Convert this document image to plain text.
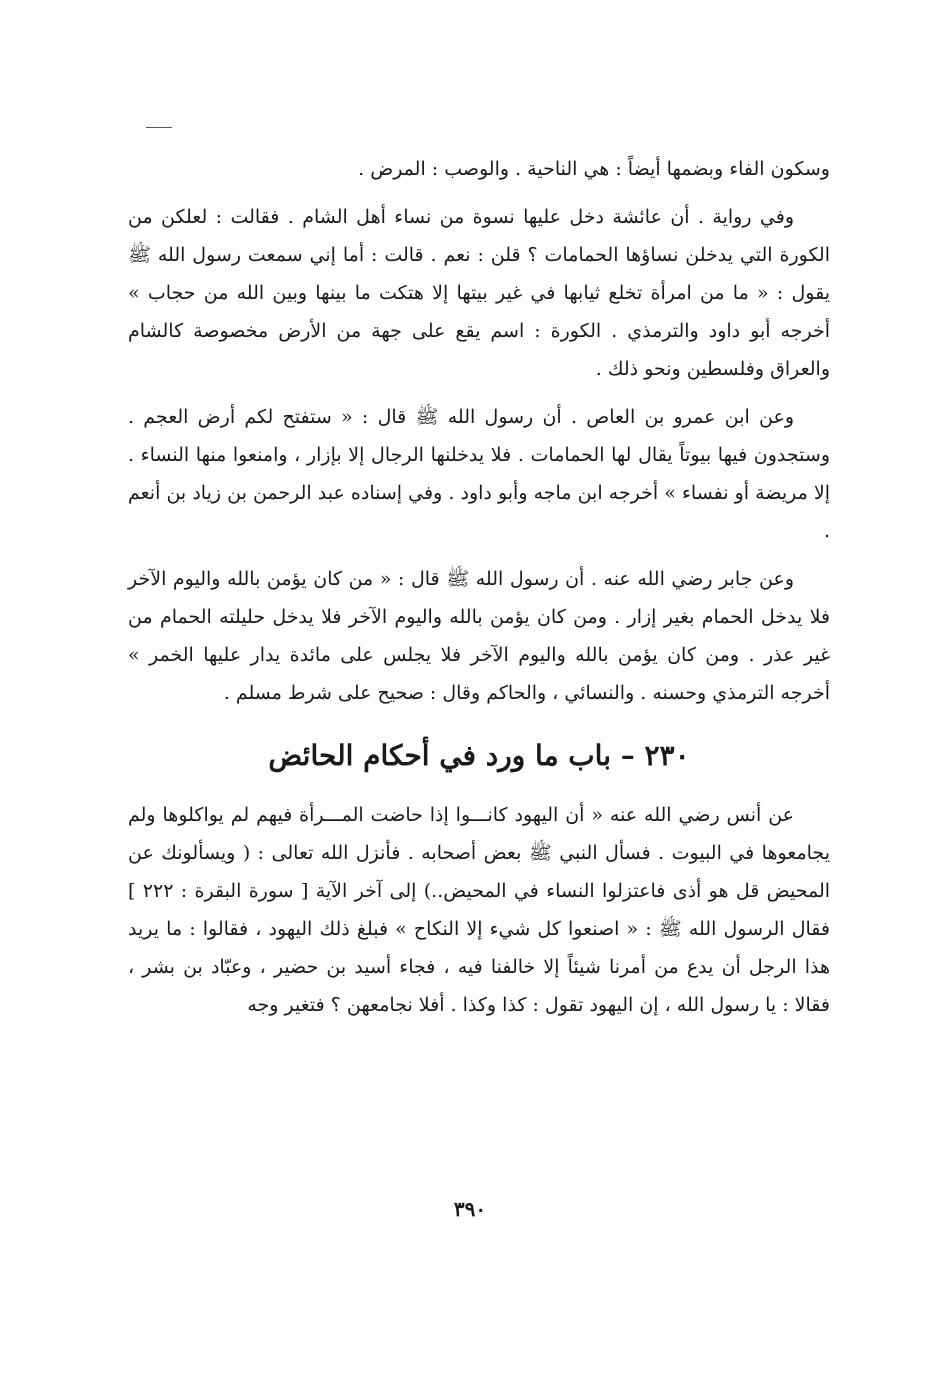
وسكون الفاء وبضمها أيضاً : هي الناحية . والوصب : المرض .

وفي رواية . أن عائشة دخل عليها نسوة من نساء أهل الشام . فقالت : لعلكن من الكورة التي يدخلن نساؤها الحمامات ؟ قلن : نعم . قالت : أما إني سمعت رسول الله ﷺ يقول : « ما من امرأة تخلع ثيابها في غير بيتها إلا هتكت ما بينها وبين الله من حجاب » أخرجه أبو داود والترمذي . الكورة : اسم يقع على جهة من الأرض مخصوصة كالشام والعراق وفلسطين ونحو ذلك .

وعن ابن عمرو بن العاص . أن رسول الله ﷺ قال : « ستفتح لكم أرض العجم . وستجدون فيها بيوتاً يقال لها الحمامات . فلا يدخلنها الرجال إلا بإزار ، وامنعوا منها النساء . إلا مريضة أو نفساء » أخرجه ابن ماجه وأبو داود . وفي إسناده عبد الرحمن بن زياد بن أنعم .

وعن جابر رضي الله عنه . أن رسول الله ﷺ قال : « من كان يؤمن بالله واليوم الآخر فلا يدخل الحمام بغير إزار . ومن كان يؤمن بالله واليوم الآخر فلا يدخل حليلته الحمام من غير عذر . ومن كان يؤمن بالله واليوم الآخر فلا يجلس على مائدة يدار عليها الخمر » أخرجه الترمذي وحسنه . والنسائي ، والحاكم وقال : صحيح على شرط مسلم .

٢٣٠ – باب ما ورد في أحكام الحائض

عن أنس رضي الله عنه « أن اليهود كانـــوا إذا حاضت المـــرأة فيهم لم يواكلوها ولم يجامعوها في البيوت . فسأل النبي ﷺ بعض أصحابه . فأنزل الله تعالى : ( ويسألونك عن المحيض قل هو أذى فاعتزلوا النساء في المحيض..) إلى آخر الآية [ سورة البقرة : ٢٢٢ ] فقال الرسول الله ﷺ : « اصنعوا كل شيء إلا النكاح » فبلغ ذلك اليهود ، فقالوا : ما يريد هذا الرجل أن يدع من أمرنا شيئاً إلا خالفنا فيه ، فجاء أسيد بن حضير ، وعبّاد بن بشر ، فقالا : يا رسول الله ، إن اليهود تقول : كذا وكذا . أفلا نجامعهن ؟ فتغير وجه

٣٩٠
